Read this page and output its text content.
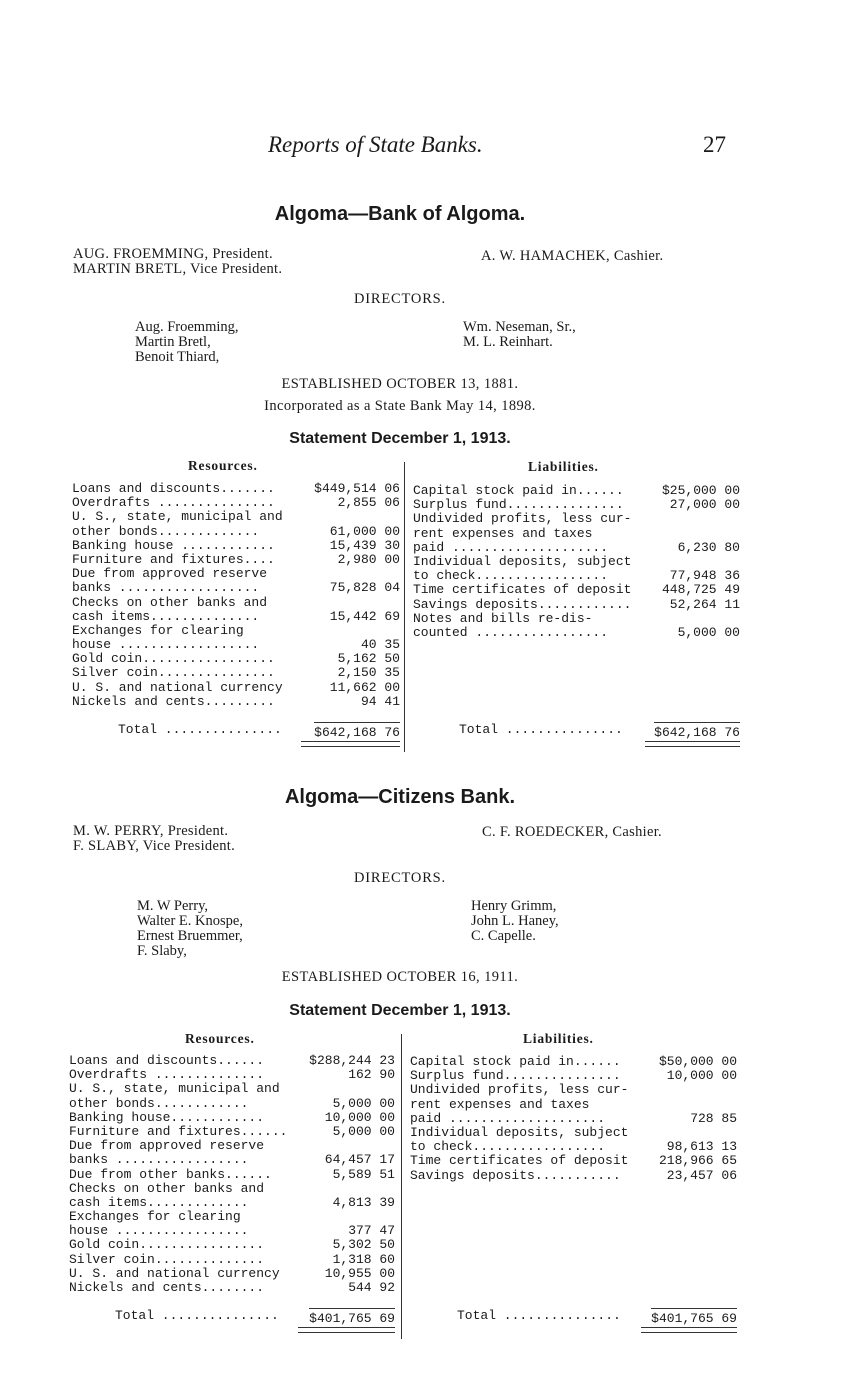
Reports of State Banks.	27
Algoma—Bank of Algoma.
AUG. FROEMMING, President.
MARTIN BRETL, Vice President.
A. W. HAMACHEK, Cashier.
DIRECTORS.
Aug. Froemming,
Martin Bretl,
Benoit Thiard,
Wm. Neseman, Sr.,
M. L. Reinhart.
ESTABLISHED OCTOBER 13, 1881.
Incorporated as a State Bank May 14, 1898.
Statement December 1, 1913.
Resources.	Liabilities.
Loans and discounts.......	$449,514 06
Overdrafts ...............	2,855 06
U. S., state, municipal and
other bonds.............	61,000 00
Banking house ............	15,439 30
Furniture and fixtures....	2,980 00
Due from approved reserve
banks ..................	75,828 04
Checks on other banks and
cash items..............	15,442 69
Exchanges for clearing
house ..................	40 35
Gold coin.................	5,162 50
Silver coin...............	2,150 35
U. S. and national currency	11,662 00
Nickels and cents.........	94 41
Capital stock paid in......	$25,000 00
Surplus fund...............	27,000 00
Undivided profits, less cur-
rent expenses and taxes
paid ....................	6,230 80
Individual deposits, subject
to check.................	77,948 36
Time certificates of deposit 448,725 49
Savings deposits............	52,264 11
Notes and bills re-dis-
counted .................	5,000 00
Total ............... $642,168 76	Total ............... $642,168 76
Algoma—Citizens Bank.
M. W. PERRY, President.
F. SLABY, Vice President.
C. F. ROEDECKER, Cashier.
DIRECTORS.
M. W Perry,
Walter E. Knospe,
Ernest Bruemmer,
F. Slaby,
Henry Grimm,
John L. Haney,
C. Capelle.
ESTABLISHED OCTOBER 16, 1911.
Statement December 1, 1913.
Resources.	Liabilities.
Loans and discounts......	$288,244 23
Overdrafts ..............	162 90
U. S., state, municipal and
other bonds............	5,000 00
Banking house............	10,000 00
Furniture and fixtures......	5,000 00
Due from approved reserve
banks .................	64,457 17
Due from other banks......	5,589 51
Checks on other banks and
cash items.............	4,813 39
Exchanges for clearing
house .................	377 47
Gold coin................	5,302 50
Silver coin..............	1,318 60
U. S. and national currency	10,955 00
Nickels and cents........	544 92
Capital stock paid in......	$50,000 00
Surplus fund...............	10,000 00
Undivided profits, less cur-
rent expenses and taxes
paid ....................	728 85
Individual deposits, subject
to check.................	98,613 13
Time certificates of deposit 218,966 65
Savings deposits...........	23,457 06
Total ............... $401,765 69	Total ............... $401,765 69
